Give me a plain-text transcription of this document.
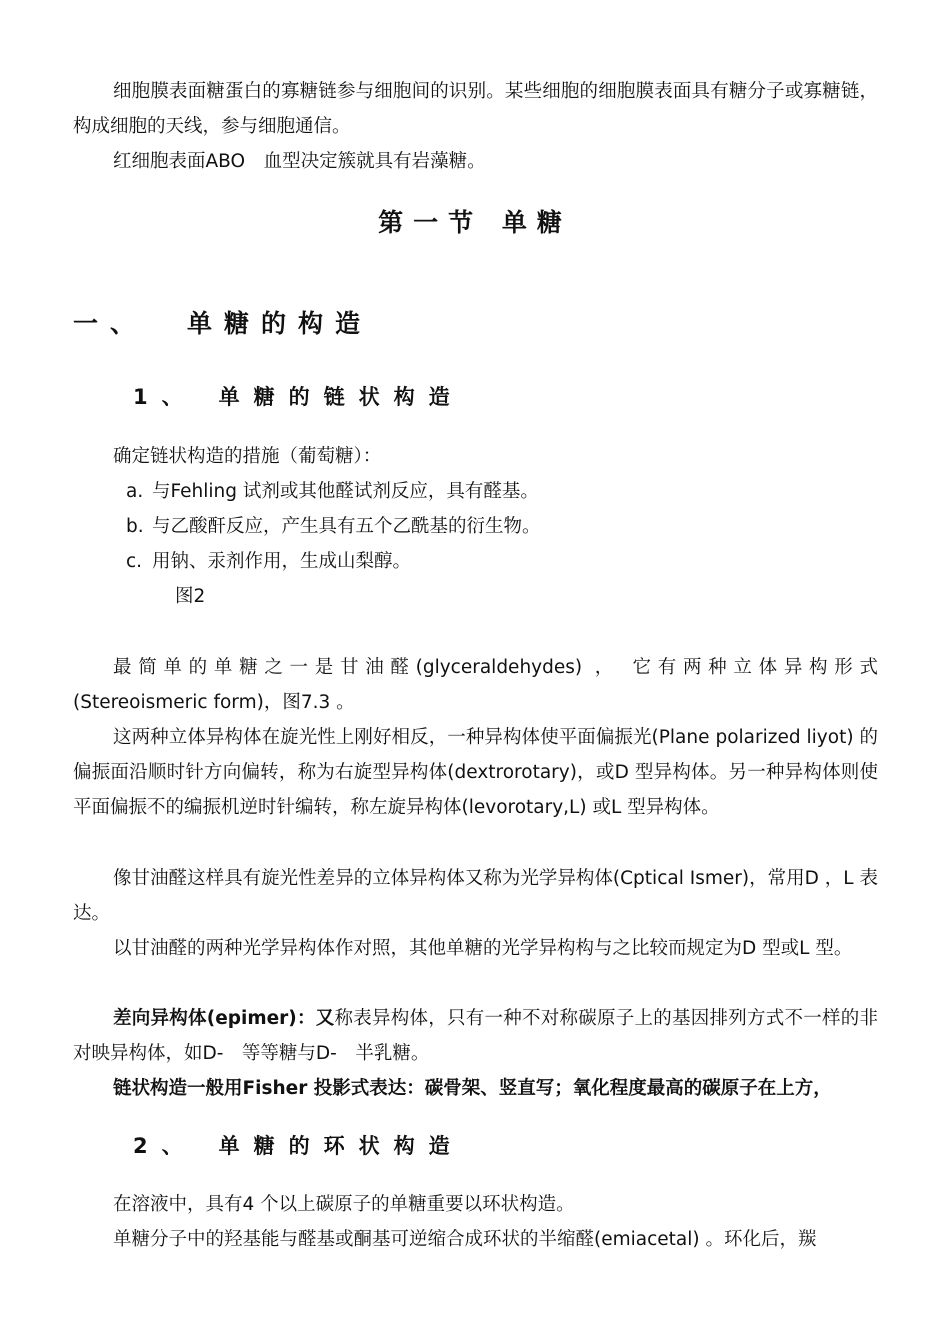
细胞膜表面糖蛋白的寡糖链参与细胞间的识别。某些细胞的细胞膜表面具有糖分子或寡糖链，构成细胞的天线，参与细胞通信。

红细胞表面ABO　血型决定簇就具有岩藻糖。

第一节 单糖
一、 单糖的构造
1、 单糖的链状构造

确定链状构造的措施（葡萄糖）：

a. 与Fehling 试剂或其他醛试剂反应，具有醛基。

b. 与乙酸酐反应，产生具有五个乙酰基的衍生物。

c. 用钠、汞剂作用，生成山梨醇。

图2

最简单的单糖之一是甘油醛(glyceraldehydes) ， 它有两种立体异构形式

(Stereoismeric form)，图7.3 。

这两种立体异构体在旋光性上刚好相反，一种异构体使平面偏振光(Plane polarized liyot) 的偏振面沿顺时针方向偏转，称为右旋型异构体(dextrorotary)，或D 型异构体。另一种异构体则使平面偏振不的编振机逆时针编转，称左旋异构体(levorotary,L) 或L 型异构体。

像甘油醛这样具有旋光性差异的立体异构体又称为光学异构体(Cptical Ismer)，常用D ，L 表达。

以甘油醛的两种光学异构体作对照，其他单糖的光学异构构与之比较而规定为D 型或L 型。

差向异构体(epimer)：又称表异构体，只有一种不对称碳原子上的基因排列方式不一样的非对映异构体，如D-　等等糖与D-　半乳糖。

链状构造一般用Fisher 投影式表达：碳骨架、竖直写；氧化程度最高的碳原子在上方，

2、 单糖的环状构造

在溶液中，具有4 个以上碳原子的单糖重要以环状构造。

单糖分子中的羟基能与醛基或酮基可逆缩合成环状的半缩醛(emiacetal) 。环化后，羰
